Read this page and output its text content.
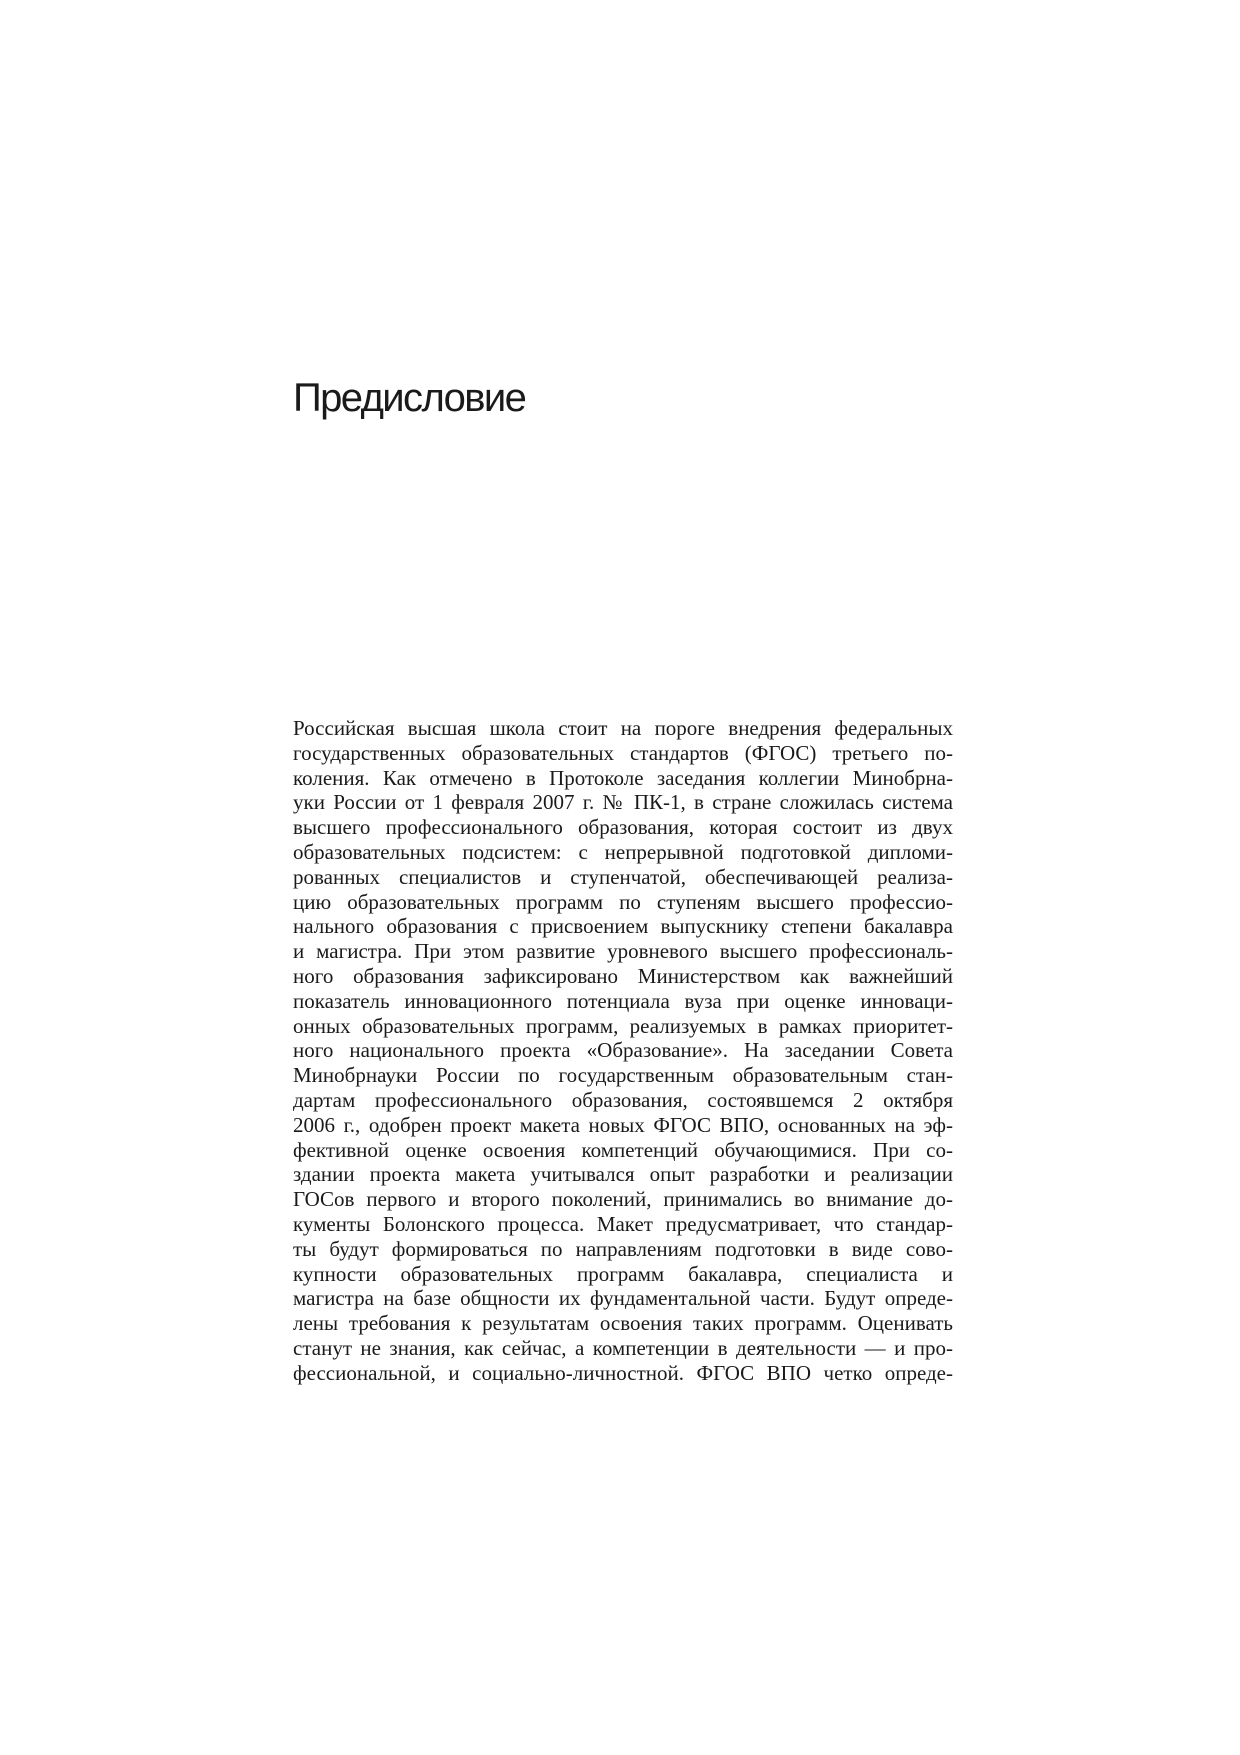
Предисловие
Российская высшая школа стоит на пороге внедрения федеральных
государственных образовательных стандартов (ФГОС) третьего по-
коления. Как отмечено в Протоколе заседания коллегии Минобрна-
уки России от 1 февраля 2007 г. № ПК-1, в стране сложилась система
высшего профессионального образования, которая состоит из двух
образовательных подсистем: с непрерывной подготовкой дипломи-
рованных специалистов и ступенчатой, обеспечивающей реализа-
цию образовательных программ по ступеням высшего профессио-
нального образования с присвоением выпускнику степени бакалавра
и магистра. При этом развитие уровневого высшего профессиональ-
ного образования зафиксировано Министерством как важнейший
показатель инновационного потенциала вуза при оценке инноваци-
онных образовательных программ, реализуемых в рамках приоритет-
ного национального проекта «Образование». На заседании Совета
Минобрнауки России по государственным образовательным стан-
дартам профессионального образования, состоявшемся 2 октября
2006 г., одобрен проект макета новых ФГОС ВПО, основанных на эф-
фективной оценке освоения компетенций обучающимися. При со-
здании проекта макета учитывался опыт разработки и реализации
ГОСов первого и второго поколений, принимались во внимание до-
кументы Болонского процесса. Макет предусматривает, что стандар-
ты будут формироваться по направлениям подготовки в виде сово-
купности образовательных программ бакалавра, специалиста и
магистра на базе общности их фундаментальной части. Будут опреде-
лены требования к результатам освоения таких программ. Оценивать
станут не знания, как сейчас, а компетенции в деятельности — и про-
фессиональной, и социально-личностной. ФГОС ВПО четко опреде-
